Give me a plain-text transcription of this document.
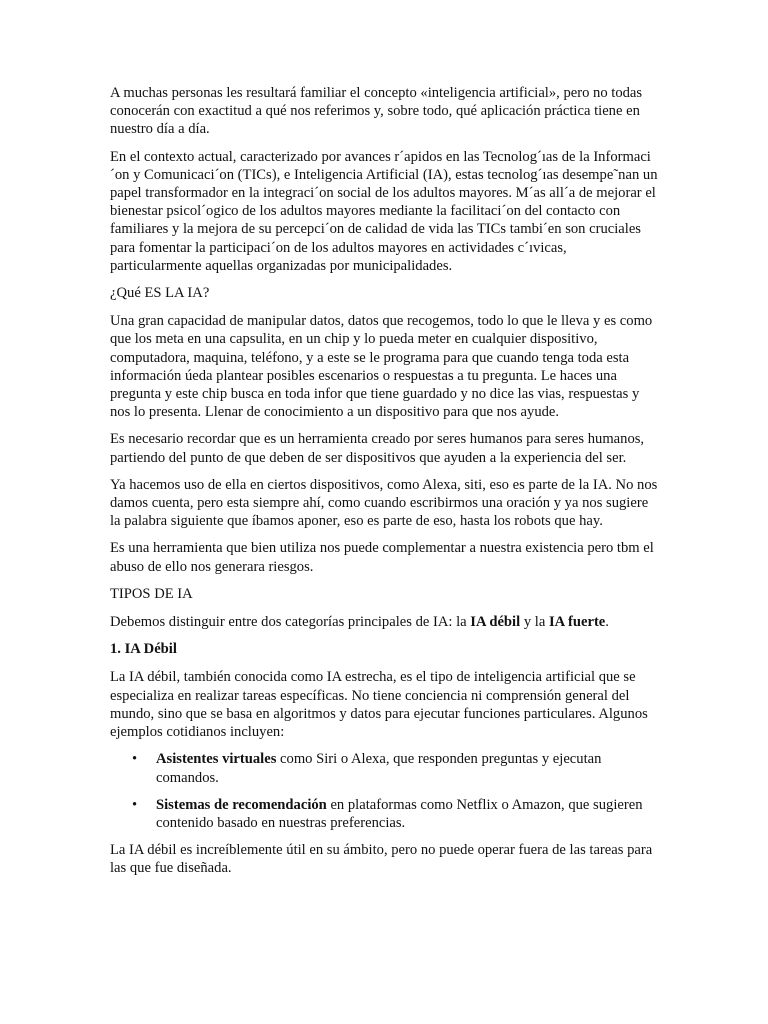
A muchas personas les resultará familiar el concepto «inteligencia artificial», pero no todas conocerán con exactitud a qué nos referimos y, sobre todo, qué aplicación práctica tiene en nuestro día a día.

En el contexto actual, caracterizado por avances r´apidos en las Tecnolog´ıas de la Informaci´on y Comunicaci´on (TICs), e Inteligencia Artificial (IA), estas tecnolog´ıas desempe˜nan un papel transformador en la integraci´on social de los adultos mayores. M´as all´a de mejorar el bienestar psicol´ogico de los adultos mayores mediante la facilitaci´on del contacto con familiares y la mejora de su percepci´on de calidad de vida las TICs tambi´en son cruciales para fomentar la participaci´on de los adultos mayores en actividades c´ıvicas, particularmente aquellas organizadas por municipalidades.

¿Qué ES LA IA?

Una gran capacidad de manipular datos, datos que recogemos, todo lo que le lleva y es como que los meta en una capsulita, en un chip y lo pueda meter en cualquier dispositivo, computadora, maquina, teléfono, y a este se le programa para que cuando tenga toda esta información úeda plantear posibles escenarios o respuestas a tu pregunta. Le haces una pregunta y este chip busca en toda infor que tiene guardado y no dice las vias, respuestas y nos lo presenta. Llenar de conocimiento a un dispositivo para que nos ayude.

Es necesario recordar que es un herramienta creado por seres humanos para seres humanos, partiendo del punto de que deben de ser dispositivos que ayuden a la experiencia del ser.

Ya hacemos uso de ella en ciertos dispositivos, como Alexa, siti, eso es parte de la IA. No nos damos cuenta, pero esta siempre ahí, como cuando escribirmos una oración y ya nos sugiere la palabra siguiente que íbamos aponer, eso es parte de eso, hasta los robots que hay.

Es una herramienta que bien utiliza nos puede complementar a nuestra existencia pero tbm el abuso de ello nos generara riesgos.

TIPOS DE IA

Debemos distinguir entre dos categorías principales de IA: la IA débil y la IA fuerte.

1. IA Débil

La IA débil, también conocida como IA estrecha, es el tipo de inteligencia artificial que se especializa en realizar tareas específicas. No tiene conciencia ni comprensión general del mundo, sino que se basa en algoritmos y datos para ejecutar funciones particulares. Algunos ejemplos cotidianos incluyen:

• Asistentes virtuales como Siri o Alexa, que responden preguntas y ejecutan comandos.
• Sistemas de recomendación en plataformas como Netflix o Amazon, que sugieren contenido basado en nuestras preferencias.

La IA débil es increíblemente útil en su ámbito, pero no puede operar fuera de las tareas para las que fue diseñada.
